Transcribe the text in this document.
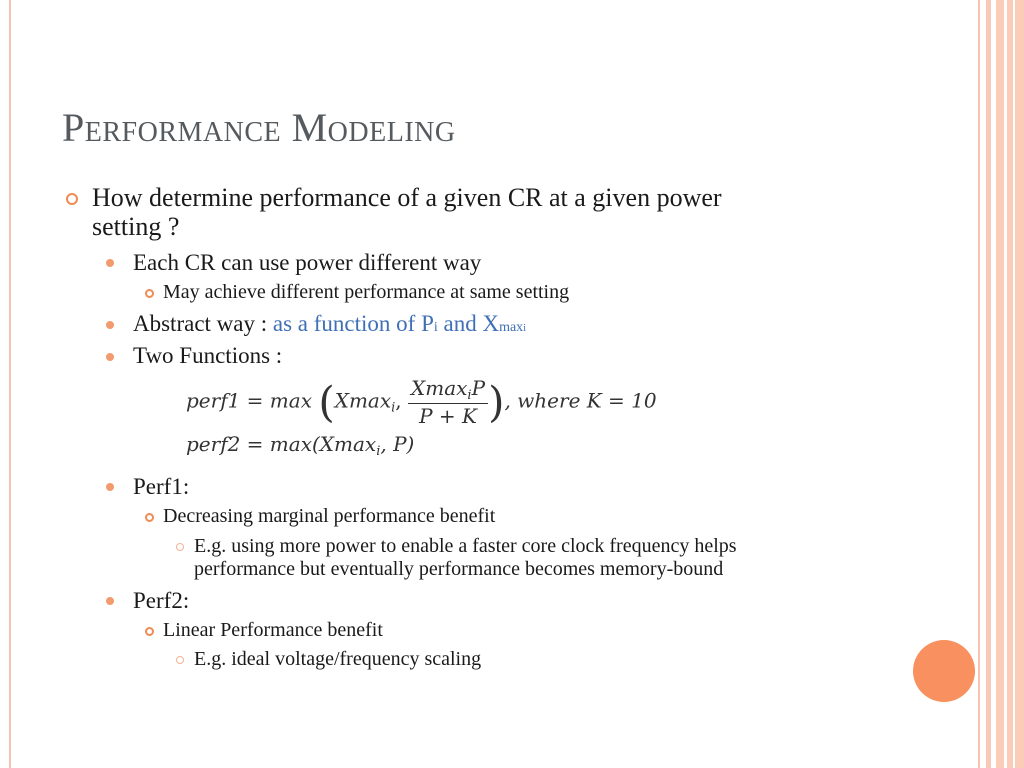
Performance Modeling
How determine performance of a given CR at a given power
setting ?
Each CR can use power different way
May achieve different performance at same setting
Abstract way : as a function of Pi and Xmaxi
Two Functions :
perf1 = max (Xmax$_i$, $\frac{Xmax_iP}{P + K}$ ), where K = 10
perf2 = max(Xmax$_i$, P)
Perf1:
Decreasing marginal performance benefit
E.g. using more power to enable a faster core clock frequency helps
performance but eventually performance becomes memory-bound
Perf2:
Linear Performance benefit
E.g. ideal voltage/frequency scaling
